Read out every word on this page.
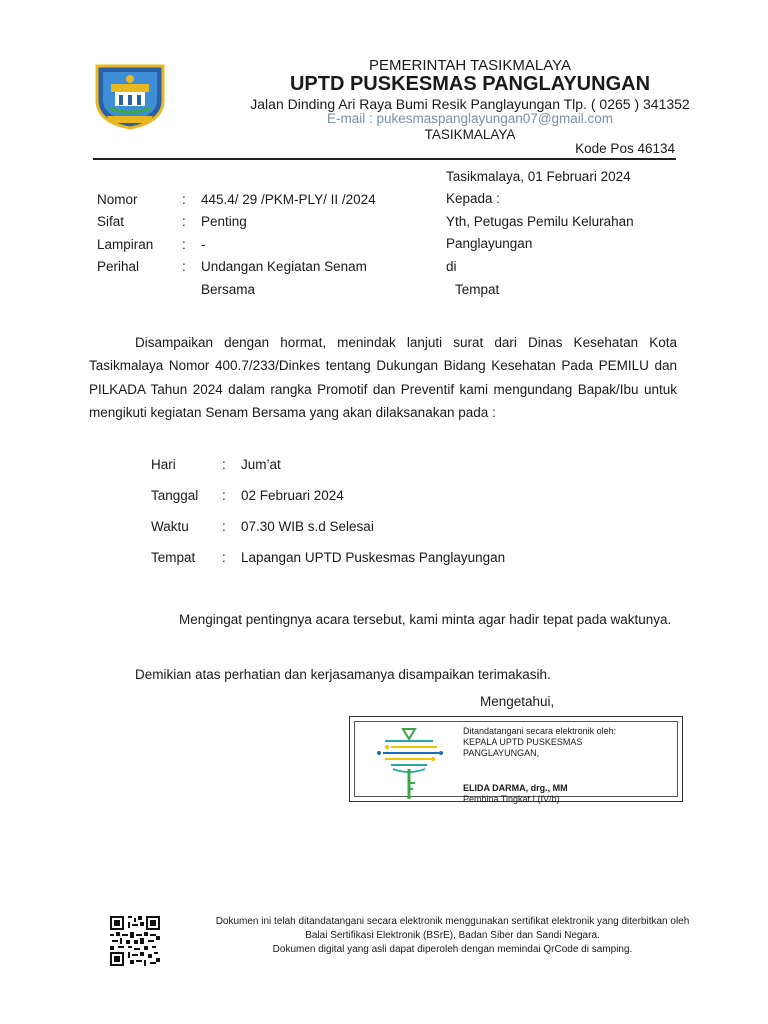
PEMERINTAH TASIKMALAYA
UPTD PUSKESMAS PANGLAYUNGAN
Jalan Dinding Ari Raya Bumi Resik Panglayungan Tlp. ( 0265 ) 341352
E-mail : pukesmaspanglayungan07@gmail.com
TASIKMALAYA
Kode Pos 46134
Tasikmalaya, 01 Februari 2024
Kepada :
Yth, Petugas Pemilu Kelurahan
Panglayungan
di
Tempat
Nomor	: 445.4/ 29 /PKM-PLY/ II /2024
Sifat	: Penting
Lampiran : -
Perihal	: Undangan Kegiatan Senam
Bersama

Disampaikan dengan hormat, menindak lanjuti surat dari Dinas Kesehatan Kota Tasikmalaya Nomor 400.7/233/Dinkes tentang Dukungan Bidang Kesehatan Pada PEMILU dan PILKADA Tahun 2024 dalam rangka Promotif dan Preventif kami mengundang Bapak/Ibu untuk mengikuti kegiatan Senam Bersama yang akan dilaksanakan pada :

Hari	: Jum’at
Tanggal : 02 Februari 2024
Waktu : 07.30 WIB s.d Selesai
Tempat : Lapangan UPTD Puskesmas Panglayungan

Mengingat pentingnya acara tersebut, kami minta agar hadir tepat pada waktunya.

Demikian atas perhatian dan kerjasamanya disampaikan terimakasih.

Mengetahui,
Ditandatangani secara elektronik oleh:
KEPALA UPTD PUSKESMAS
PANGLAYUNGAN,
ELIDA DARMA, drg., MM
Pembina Tingkat I (IV/b)
Dokumen ini telah ditandatangani secara elektronik menggunakan sertifikat elektronik yang diterbitkan oleh
Balai Sertifikasi Elektronik (BSrE), Badan Siber dan Sandi Negara.
Dokumen digital yang asli dapat diperoleh dengan memindai QrCode di samping.
